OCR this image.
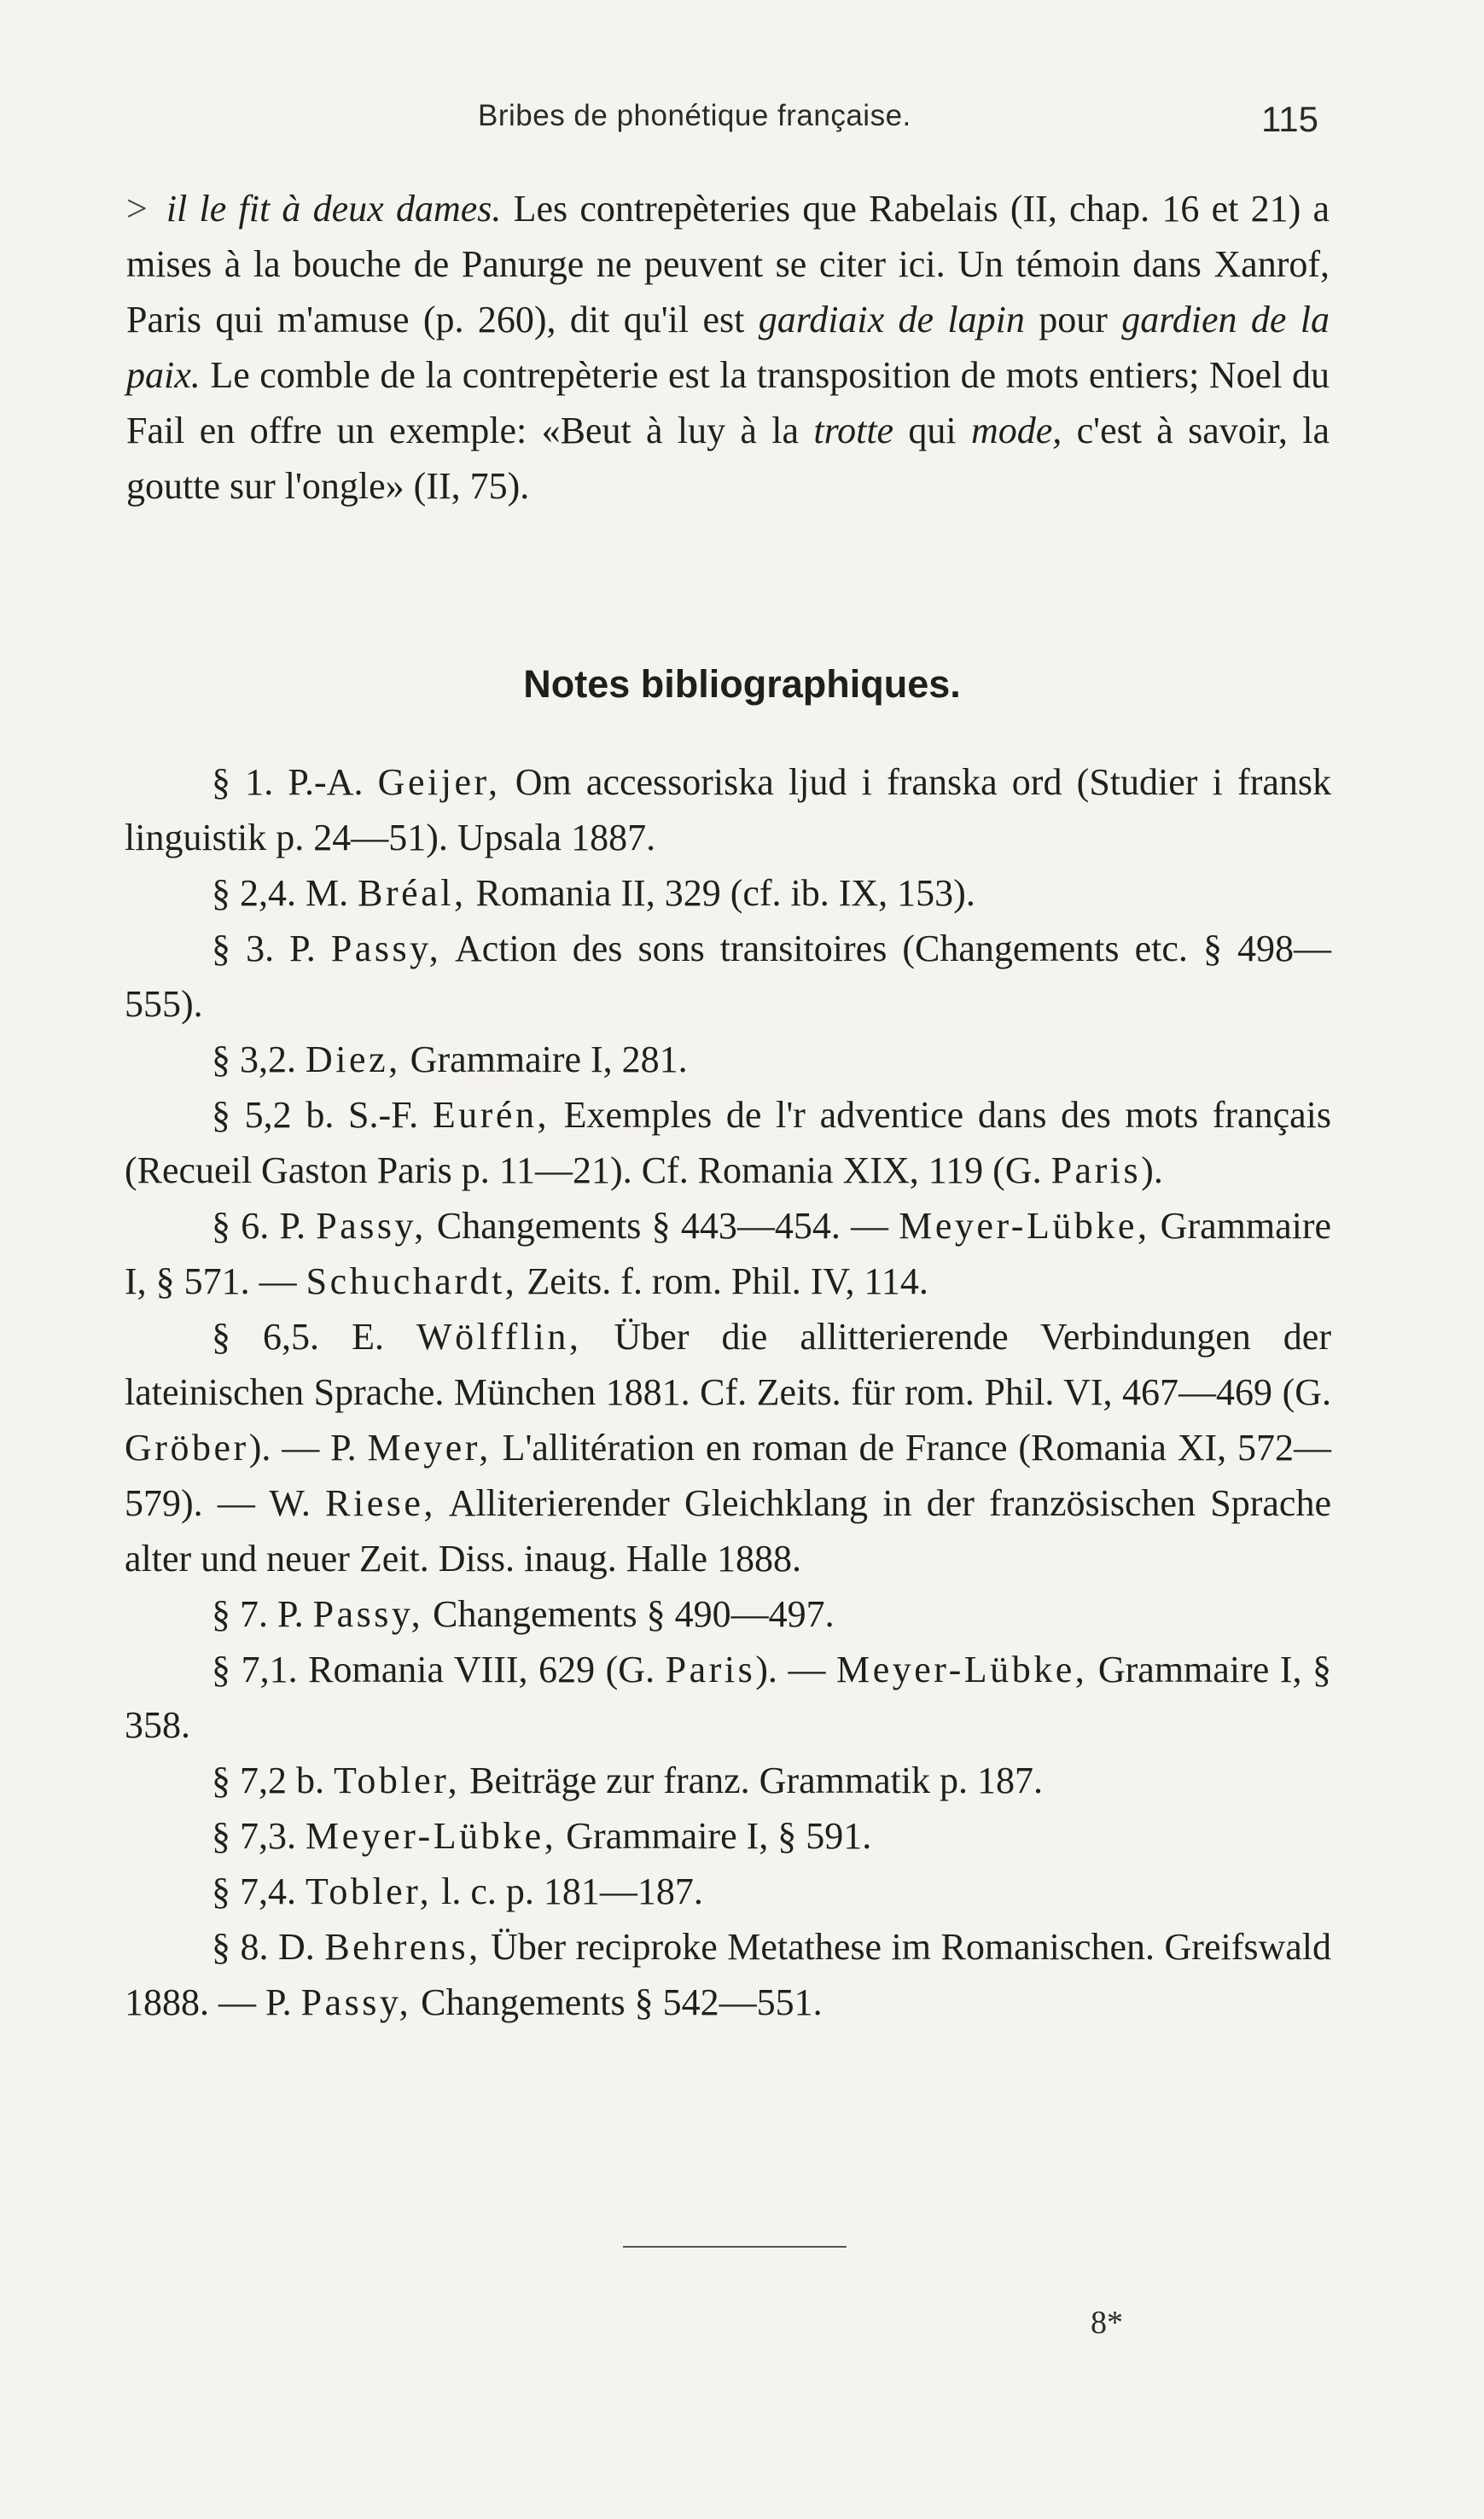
Bribes de phonétique française.	115

> il le fit à deux dames. Les contrepèteries que Rabelais (II, chap. 16 et 21) a mises à la bouche de Panurge ne peuvent se citer ici. Un témoin dans Xanrof, Paris qui m'amuse (p. 260), dit qu'il est gardiaix de lapin pour gardien de la paix. Le comble de la contrepèterie est la transposition de mots entiers; Noel du Fail en offre un exemple: «Beut à luy à la trotte qui mode, c'est à savoir, la goutte sur l'ongle» (II, 75).

Notes bibliographiques.

§ 1. P.-A. Geijer, Om accessoriska ljud i franska ord (Studier i fransk linguistik p. 24—51). Upsala 1887.

§ 2,4. M. Bréal, Romania II, 329 (cf. ib. IX, 153).

§ 3. P. Passy, Action des sons transitoires (Changements etc. § 498—555).

§ 3,2. Diez, Grammaire I, 281.

§ 5,2 b. S.-F. Eurén, Exemples de l'r adventice dans des mots français (Recueil Gaston Paris p. 11—21). Cf. Romania XIX, 119 (G. Paris).

§ 6. P. Passy, Changements § 443—454. — Meyer-Lübke, Grammaire I, § 571. — Schuchardt, Zeits. f. rom. Phil. IV, 114.

§ 6,5. E. Wölfflin, Über die allitterierende Verbindungen der lateinischen Sprache. München 1881. Cf. Zeits. für rom. Phil. VI, 467—469 (G. Gröber). — P. Meyer, L'allitération en roman de France (Romania XI, 572—579). — W. Riese, Alliterierender Gleichklang in der französischen Sprache alter und neuer Zeit. Diss. inaug. Halle 1888.

§ 7. P. Passy, Changements § 490—497.

§ 7,1. Romania VIII, 629 (G. Paris). — Meyer-Lübke, Grammaire I, § 358.

§ 7,2 b. Tobler, Beiträge zur franz. Grammatik p. 187.

§ 7,3. Meyer-Lübke, Grammaire I, § 591.

§ 7,4. Tobler, l. c. p. 181—187.

§ 8. D. Behrens, Über reciproke Metathese im Romanischen. Greifswald 1888. — P. Passy, Changements § 542—551.

8*
